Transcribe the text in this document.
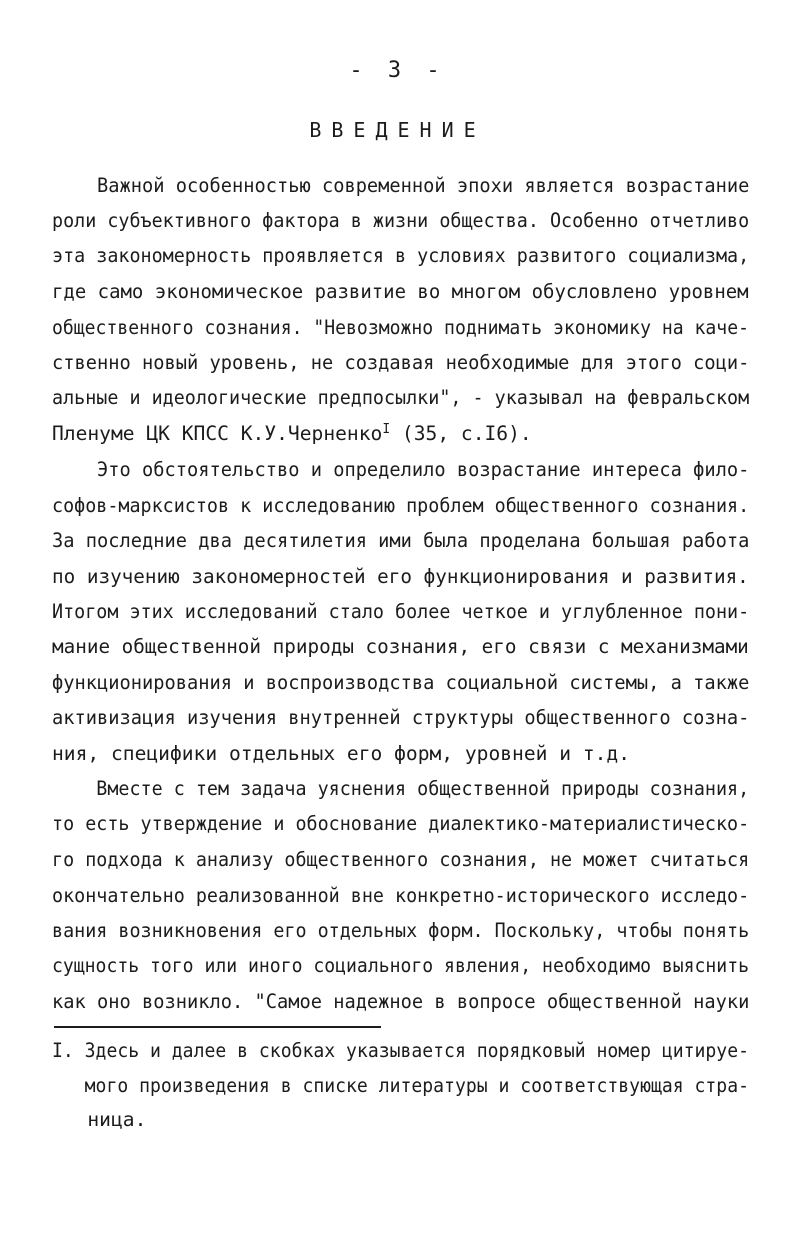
- 3 -
ВВЕДЕНИЕ
Важной особенностью современной эпохи является возрастание
роли субъективного фактора в жизни общества. Особенно отчетливо
эта закономерность проявляется в условиях развитого социализма,
где само экономическое развитие во многом обусловлено уровнем
общественного сознания. "Невозможно поднимать экономику на каче-
ственно новый уровень, не создавая необходимые для этого соци-
альные и идеологические предпосылки", - указывал на февральском
Пленуме ЦК КПСС К.У.Черненко$^I$ (35, с.I6).
Это обстоятельство и определило возрастание интереса фило-
софов-марксистов к исследованию проблем общественного сознания.
За последние два десятилетия ими была проделана большая работа
по изучению закономерностей его функционирования и развития.
Итогом этих исследований стало более четкое и углубленное пони-
мание общественной природы сознания, его связи с механизмами
функционирования и воспроизводства социальной системы, а также
активизация изучения внутренней структуры общественного созна-
ния, специфики отдельных его форм, уровней и т.д.
Вместе с тем задача уяснения общественной природы сознания,
то есть утверждение и обоснование диалектико-материалистическо-
го подхода к анализу общественного сознания, не может считаться
окончательно реализованной вне конкретно-исторического исследо-
вания возникновения его отдельных форм. Поскольку, чтобы понять
сущность того или иного социального явления, необходимо выяснить
как оно возникло. "Самое надежное в вопросе общественной науки
I. Здесь и далее в скобках указывается порядковый номер цитируе-
мого произведения в списке литературы и соответствующая стра-
ница.
